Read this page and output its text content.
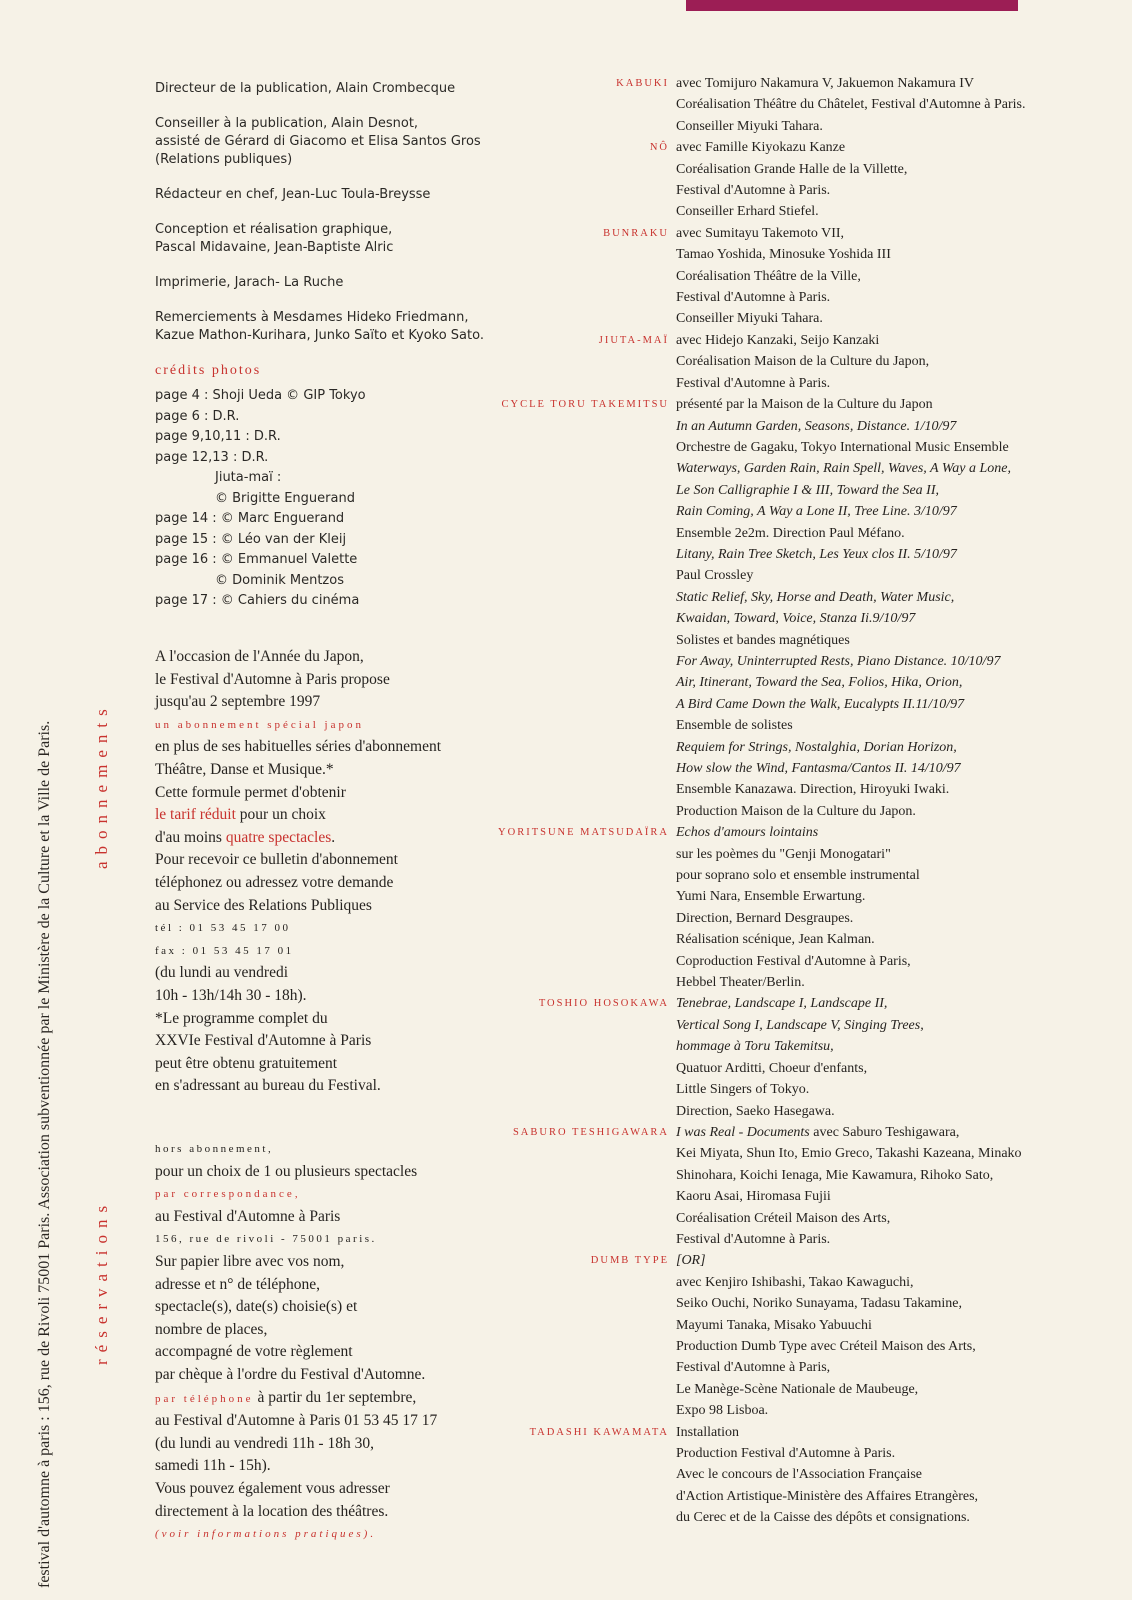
festival d'automne à paris : 156, rue de Rivoli 75001 Paris. Association subventionnée par le Ministère de la Culture et la Ville de Paris. abonnements
réservations
Directeur de la publication, Alain Crombecque
Conseiller à la publication, Alain Desnot,
assisté de Gérard di Giacomo et Elisa Santos Gros
(Relations publiques)
Rédacteur en chef, Jean-Luc Toula-Breysse
Conception et réalisation graphique,
Pascal Midavaine, Jean-Baptiste Alric
Imprimerie, Jarach- La Ruche
Remerciements à Mesdames Hideko Friedmann,
Kazue Mathon-Kurihara, Junko Saïto et Kyoko Sato.
crédits photos
page 4 : Shoji Ueda © GIP Tokyo
page 6 : D.R.
page 9,10,11 : D.R.
page 12,13 : D.R.
Jiuta-maï :
© Brigitte Enguerand
page 14 : © Marc Enguerand
page 15 : © Léo van der Kleij
page 16 : © Emmanuel Valette
© Dominik Mentzos
page 17 : © Cahiers du cinéma
A l'occasion de l'Année du Japon,
le Festival d'Automne à Paris propose
jusqu'au 2 septembre 1997
un abonnement spécial japon
en plus de ses habituelles séries d'abonnement
Théâtre, Danse et Musique.*
Cette formule permet d'obtenir
le tarif réduit pour un choix
d'au moins quatre spectacles.
Pour recevoir ce bulletin d'abonnement
téléphonez ou adressez votre demande
au Service des Relations Publiques
tél : 01 53 45 17 00
fax : 01 53 45 17 01
(du lundi au vendredi
10h - 13h/14h 30 - 18h).
*Le programme complet du
XXVIe Festival d'Automne à Paris
peut être obtenu gratuitement
en s'adressant au bureau du Festival.
hors abonnement,
pour un choix de 1 ou plusieurs spectacles
par correspondance,
au Festival d'Automne à Paris
156, rue de rivoli - 75001 paris.
Sur papier libre avec vos nom,
adresse et n° de téléphone,
spectacle(s), date(s) choisie(s) et
nombre de places,
accompagné de votre règlement
par chèque à l'ordre du Festival d'Automne.
par téléphone à partir du 1er septembre,
au Festival d'Automne à Paris 01 53 45 17 17
(du lundi au vendredi 11h - 18h 30,
samedi 11h - 15h).
Vous pouvez également vous adresser
directement à la location des théâtres.
(voir informations pratiques).
KABUKI avec Tomijuro Nakamura V, Jakuemon Nakamura IV
Coréalisation Théâtre du Châtelet, Festival d'Automne à Paris.
Conseiller Miyuki Tahara.
NÔ avec Famille Kiyokazu Kanze
Coréalisation Grande Halle de la Villette,
Festival d'Automne à Paris.
Conseiller Erhard Stiefel.
BUNRAKU avec Sumitayu Takemoto VII,
Tamao Yoshida, Minosuke Yoshida III
Coréalisation Théâtre de la Ville,
Festival d'Automne à Paris.
Conseiller Miyuki Tahara.
JIUTA-MAÏ avec Hidejo Kanzaki, Seijo Kanzaki
Coréalisation Maison de la Culture du Japon,
Festival d'Automne à Paris.
CYCLE TORU TAKEMITSU présenté par la Maison de la Culture du Japon
In an Autumn Garden, Seasons, Distance. 1/10/97
Orchestre de Gagaku, Tokyo International Music Ensemble
Waterways, Garden Rain, Rain Spell, Waves, A Way a Lone,
Le Son Calligraphie I & III, Toward the Sea II,
Rain Coming, A Way a Lone II, Tree Line. 3/10/97
Ensemble 2e2m. Direction Paul Méfano.
Litany, Rain Tree Sketch, Les Yeux clos II. 5/10/97
Paul Crossley
Static Relief, Sky, Horse and Death, Water Music,
Kwaidan, Toward, Voice, Stanza Ii.9/10/97
Solistes et bandes magnétiques
For Away, Uninterrupted Rests, Piano Distance. 10/10/97
Air, Itinerant, Toward the Sea, Folios, Hika, Orion,
A Bird Came Down the Walk, Eucalypts II.11/10/97
Ensemble de solistes
Requiem for Strings, Nostalghia, Dorian Horizon,
How slow the Wind, Fantasma/Cantos II. 14/10/97
Ensemble Kanazawa. Direction, Hiroyuki Iwaki.
Production Maison de la Culture du Japon.
YORITSUNE MATSUDAÏRA Echos d'amours lointains
sur les poèmes du "Genji Monogatari"
pour soprano solo et ensemble instrumental
Yumi Nara, Ensemble Erwartung.
Direction, Bernard Desgraupes.
Réalisation scénique, Jean Kalman.
Coproduction Festival d'Automne à Paris,
Hebbel Theater/Berlin.
TOSHIO HOSOKAWA Tenebrae, Landscape I, Landscape II,
Vertical Song I, Landscape V, Singing Trees,
hommage à Toru Takemitsu,
Quatuor Arditti, Choeur d'enfants,
Little Singers of Tokyo.
Direction, Saeko Hasegawa.
SABURO TESHIGAWARA I was Real - Documents avec Saburo Teshigawara,
Kei Miyata, Shun Ito, Emio Greco, Takashi Kazeana, Minako
Shinohara, Koichi Ienaga, Mie Kawamura, Rihoko Sato,
Kaoru Asai, Hiromasa Fujii
Coréalisation Créteil Maison des Arts,
Festival d'Automne à Paris.
DUMB TYPE [OR]
avec Kenjiro Ishibashi, Takao Kawaguchi,
Seiko Ouchi, Noriko Sunayama, Tadasu Takamine,
Mayumi Tanaka, Misako Yabuuchi
Production Dumb Type avec Créteil Maison des Arts,
Festival d'Automne à Paris,
Le Manège-Scène Nationale de Maubeuge,
Expo 98 Lisboa.
TADASHI KAWAMATA Installation
Production Festival d'Automne à Paris.
Avec le concours de l'Association Française
d'Action Artistique-Ministère des Affaires Etrangères,
du Cerec et de la Caisse des dépôts et consignations.
